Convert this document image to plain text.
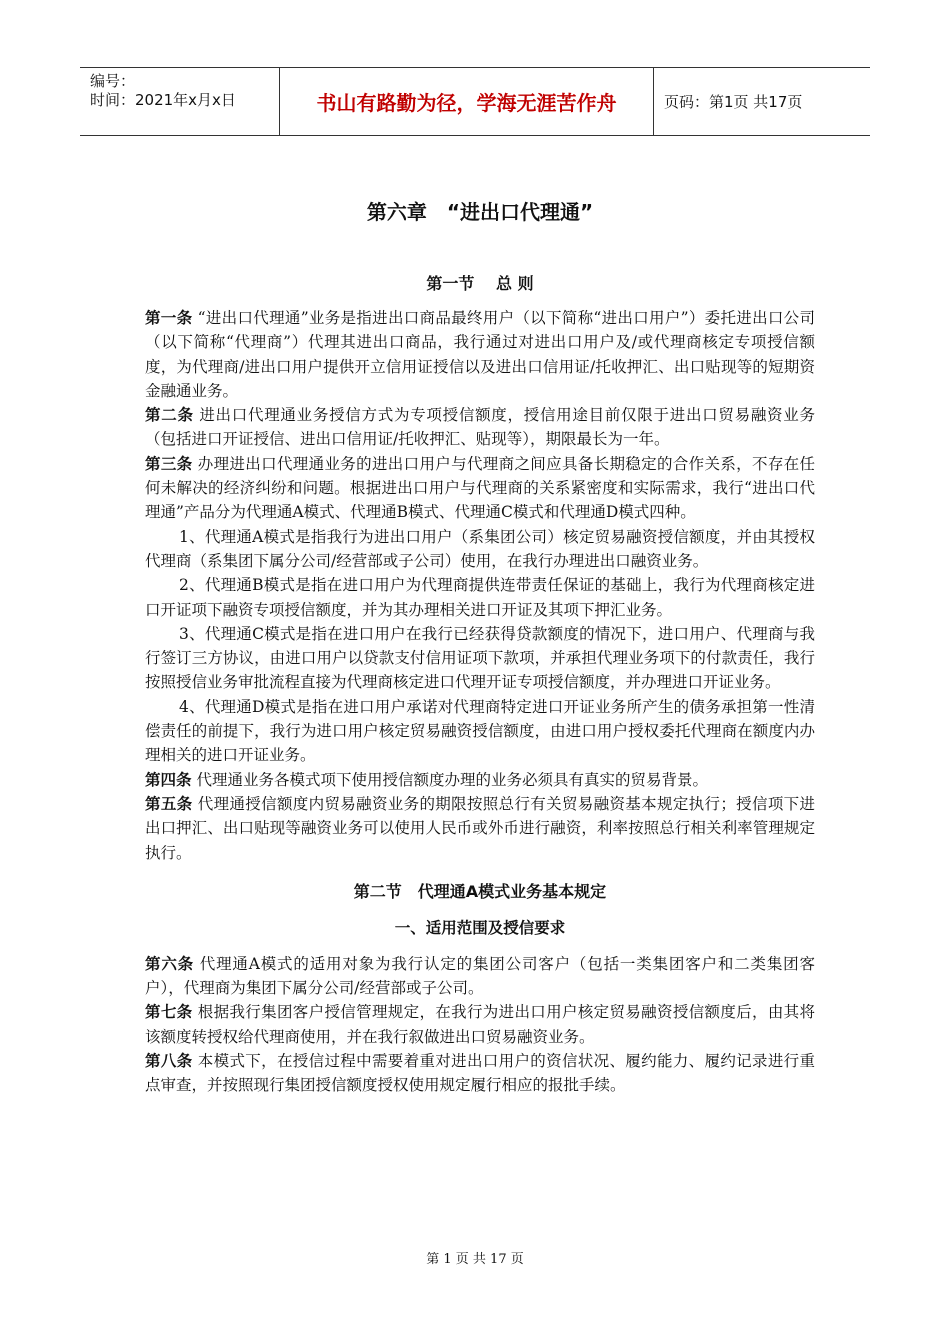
编号：
时间：2021年x月x日	书山有路勤为径，学海无涯苦作舟	页码：第1页 共17页
第六章　“进出口代理通”
第一节　 总 则

第一条 “进出口代理通”业务是指进出口商品最终用户（以下简称“进出口用户”）委托进出口公司（以下简称“代理商”）代理其进出口商品，我行通过对进出口用户及/或代理商核定专项授信额度，为代理商/进出口用户提供开立信用证授信以及进出口信用证/托收押汇、出口贴现等的短期资金融通业务。

第二条 进出口代理通业务授信方式为专项授信额度，授信用途目前仅限于进出口贸易融资业务（包括进口开证授信、进出口信用证/托收押汇、贴现等），期限最长为一年。

第三条 办理进出口代理通业务的进出口用户与代理商之间应具备长期稳定的合作关系，不存在任何未解决的经济纠纷和问题。根据进出口用户与代理商的关系紧密度和实际需求，我行“进出口代理通”产品分为代理通A模式、代理通B模式、代理通C模式和代理通D模式四种。

1、代理通A模式是指我行为进出口用户（系集团公司）核定贸易融资授信额度，并由其授权代理商（系集团下属分公司/经营部或子公司）使用，在我行办理进出口融资业务。

2、代理通B模式是指在进口用户为代理商提供连带责任保证的基础上，我行为代理商核定进口开证项下融资专项授信额度，并为其办理相关进口开证及其项下押汇业务。

3、代理通C模式是指在进口用户在我行已经获得贷款额度的情况下，进口用户、代理商与我行签订三方协议，由进口用户以贷款支付信用证项下款项，并承担代理业务项下的付款责任，我行按照授信业务审批流程直接为代理商核定进口代理开证专项授信额度，并办理进口开证业务。

4、代理通D模式是指在进口用户承诺对代理商特定进口开证业务所产生的债务承担第一性清偿责任的前提下，我行为进口用户核定贸易融资授信额度，由进口用户授权委托代理商在额度内办理相关的进口开证业务。

第四条 代理通业务各模式项下使用授信额度办理的业务必须具有真实的贸易背景。

第五条 代理通授信额度内贸易融资业务的期限按照总行有关贸易融资基本规定执行；授信项下进出口押汇、出口贴现等融资业务可以使用人民币或外币进行融资，利率按照总行相关利率管理规定执行。

第二节　代理通A模式业务基本规定
一、适用范围及授信要求

第六条 代理通A模式的适用对象为我行认定的集团公司客户（包括一类集团客户和二类集团客户），代理商为集团下属分公司/经营部或子公司。

第七条 根据我行集团客户授信管理规定，在我行为进出口用户核定贸易融资授信额度后，由其将该额度转授权给代理商使用，并在我行叙做进出口贸易融资业务。

第八条 本模式下，在授信过程中需要着重对进出口用户的资信状况、履约能力、履约记录进行重点审查，并按照现行集团授信额度授权使用规定履行相应的报批手续。

第 1 页 共 17 页
